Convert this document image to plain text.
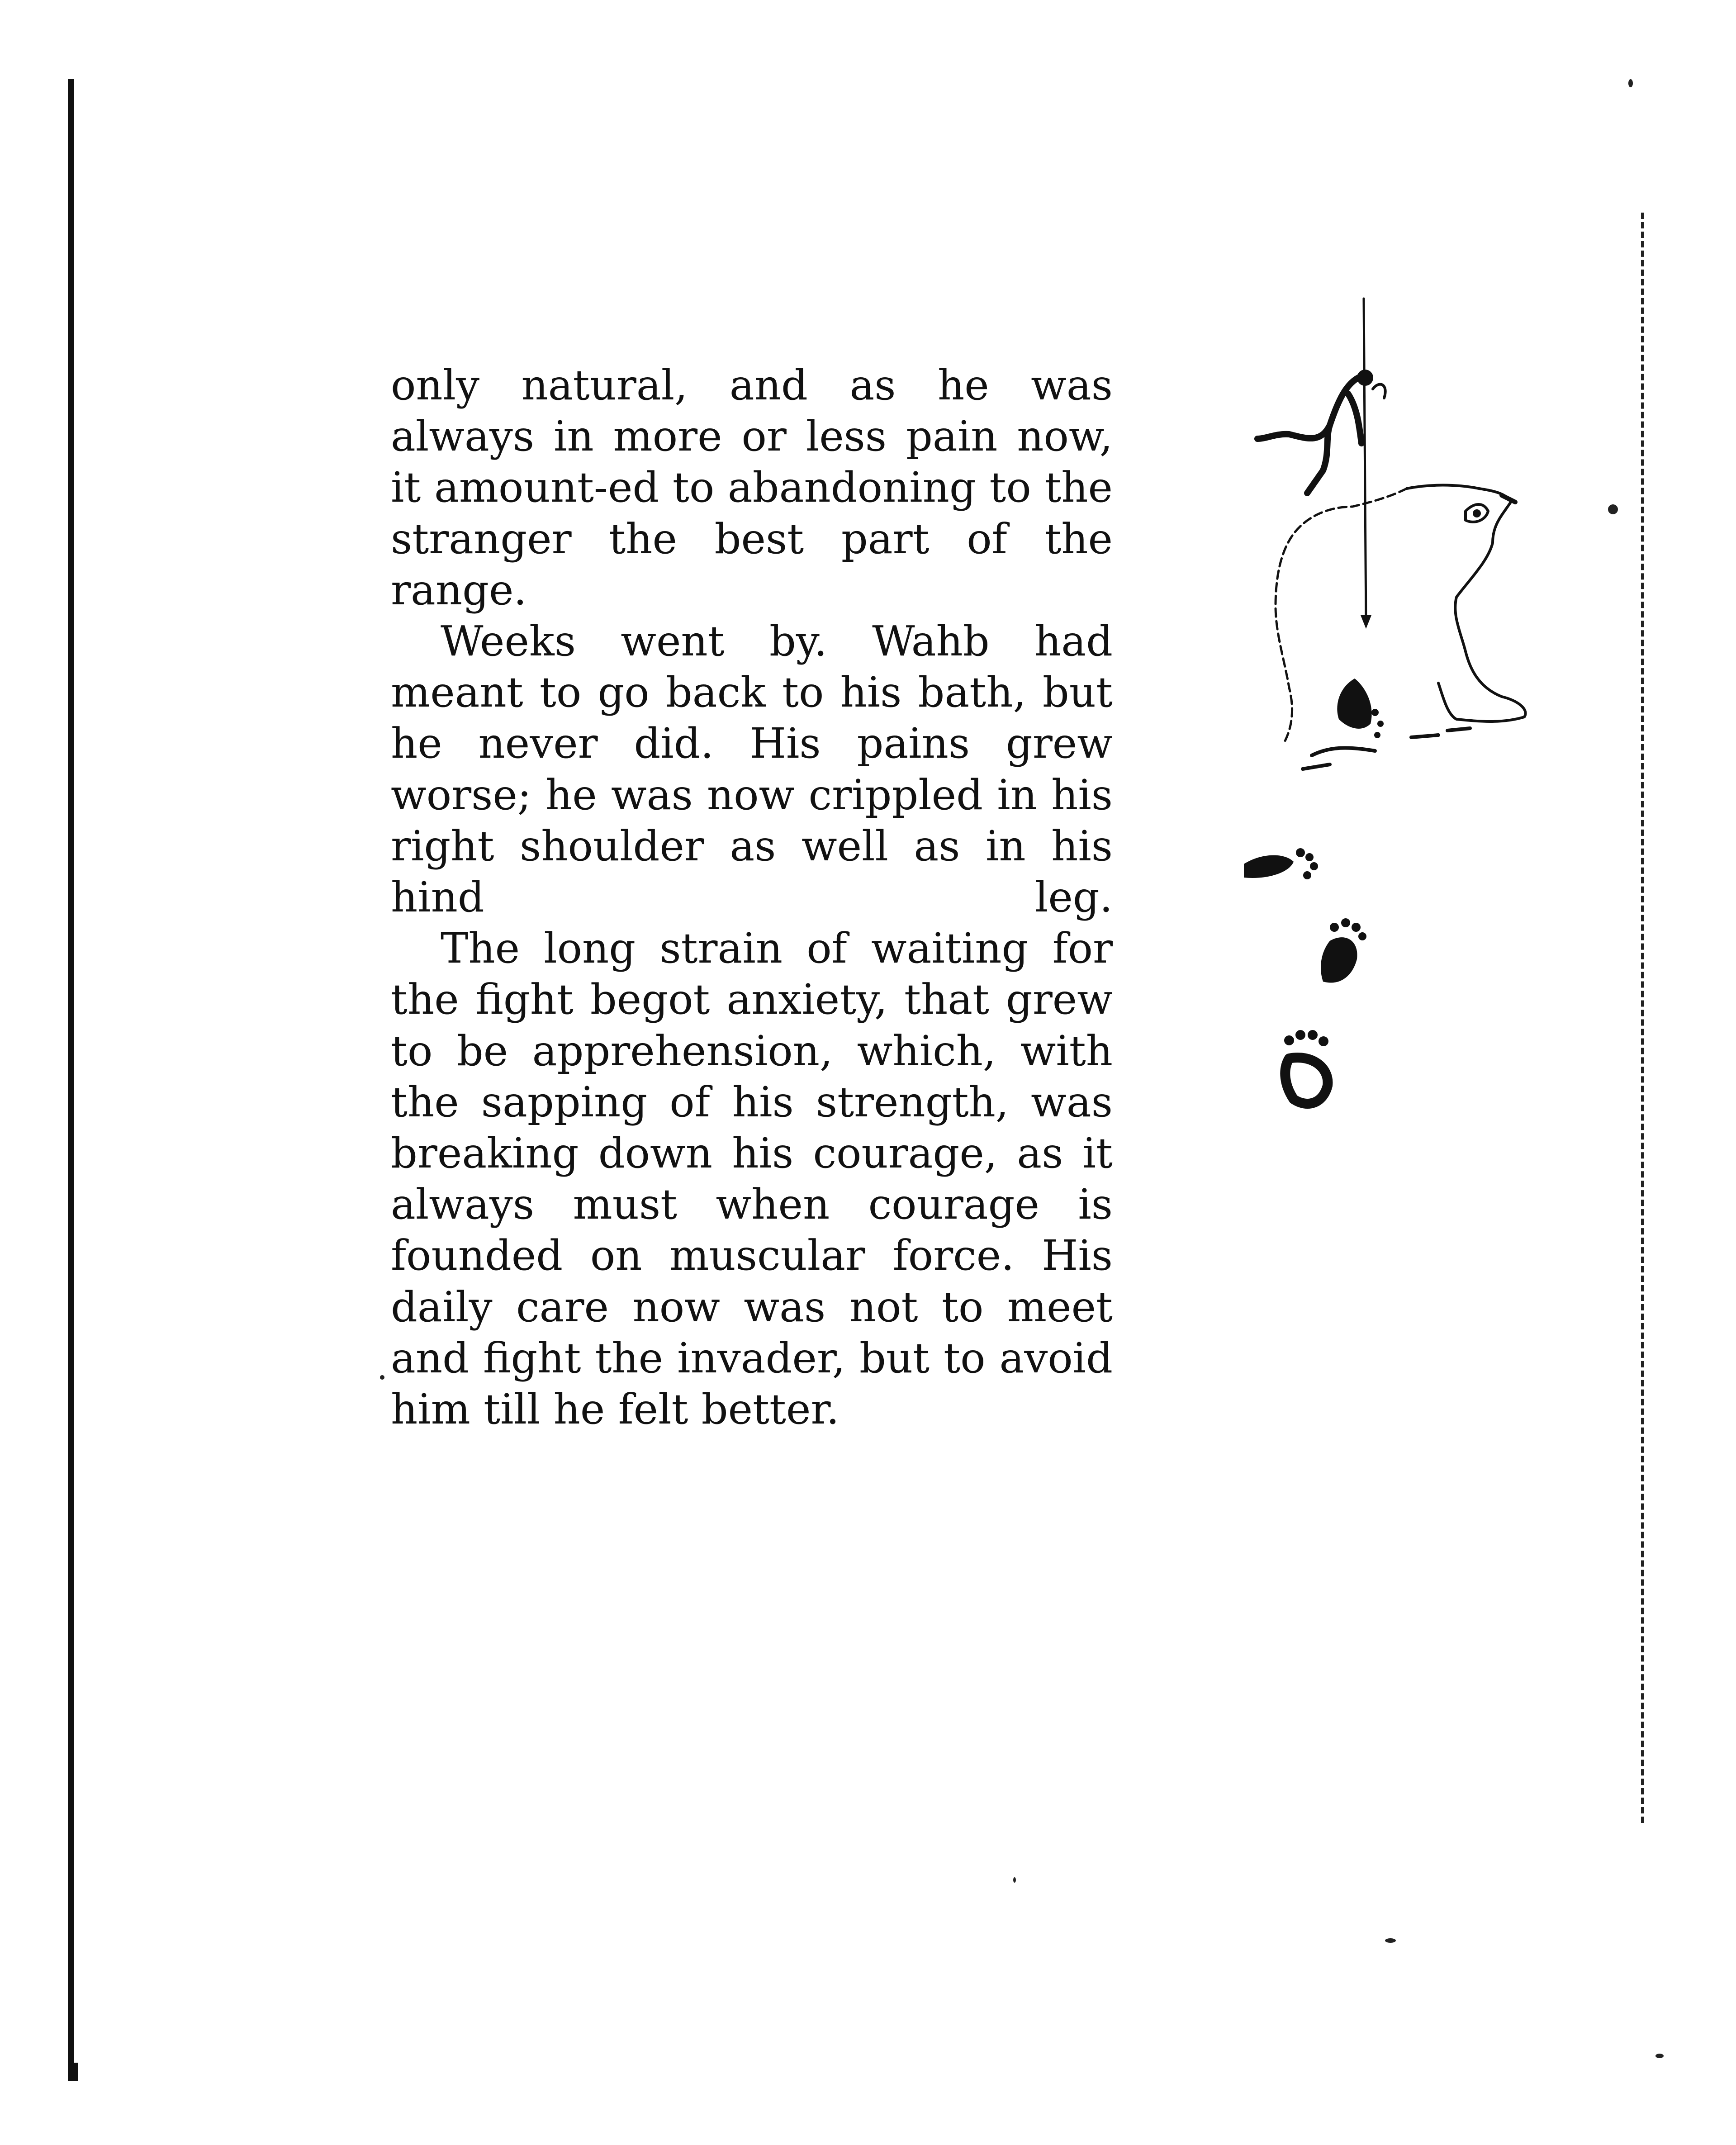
only natural, and as he was always in more or less pain now, it amount-ed to abandoning to the stranger the best part of the range.

Weeks went by. Wahb had meant to go back to his bath, but he never did. His pains grew worse; he was now crippled in his right shoulder as well as in his hind leg.

The long strain of waiting for the fight begot anxiety, that grew to be apprehension, which, with the sapping of his strength, was breaking down his courage, as it always must when courage is founded on muscular force. His daily care now was not to meet and fight the invader, but to avoid him till he felt better.
